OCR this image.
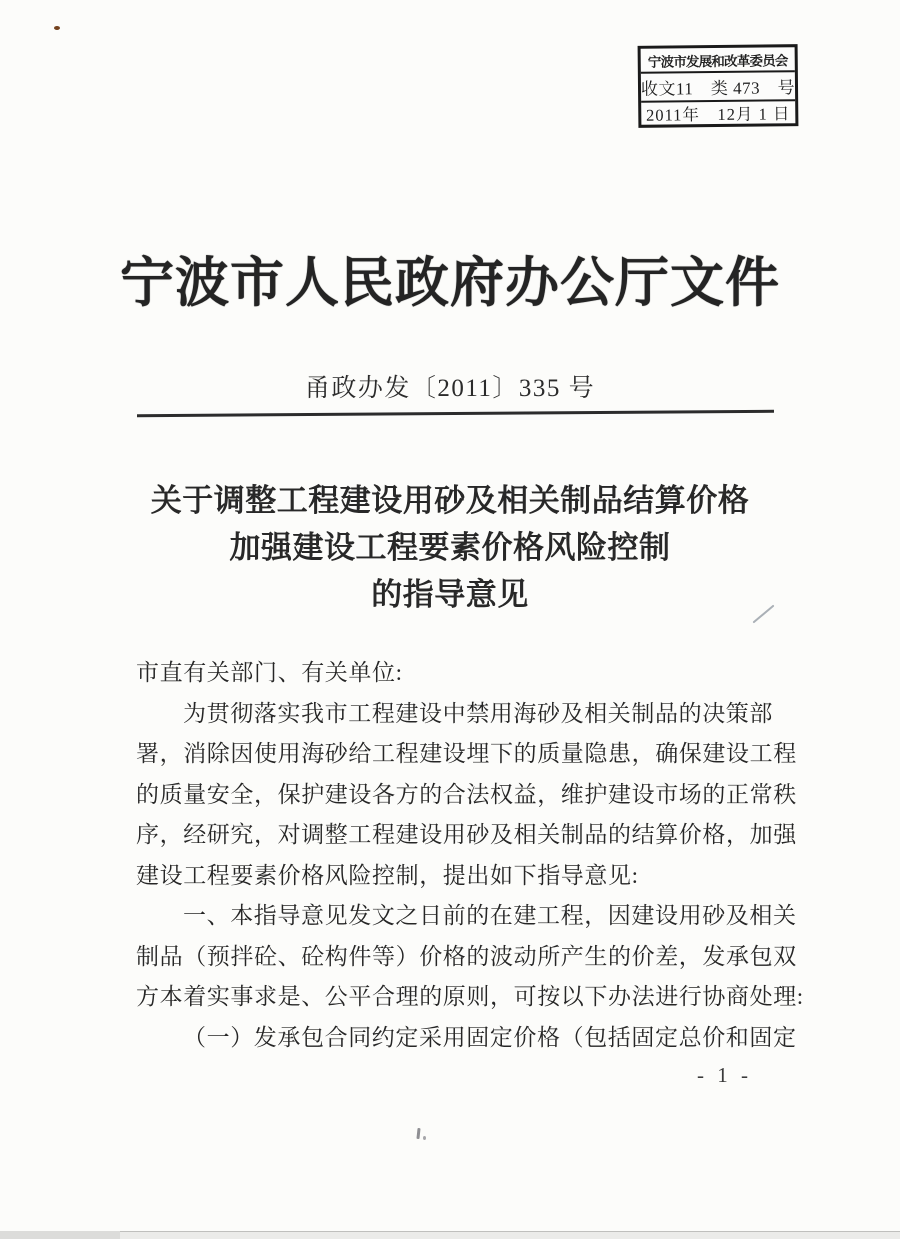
宁波市发展和改革委员会
收文11　类 473　号
2011年　12月 1 日
宁波市人民政府办公厅文件
甬政办发〔2011〕335 号
关于调整工程建设用砂及相关制品结算价格
加强建设工程要素价格风险控制
的指导意见
市直有关部门、有关单位:
为贯彻落实我市工程建设中禁用海砂及相关制品的决策部
署，消除因使用海砂给工程建设埋下的质量隐患，确保建设工程
的质量安全，保护建设各方的合法权益，维护建设市场的正常秩
序，经研究，对调整工程建设用砂及相关制品的结算价格，加强
建设工程要素价格风险控制，提出如下指导意见:
一、本指导意见发文之日前的在建工程，因建设用砂及相关
制品（预拌砼、砼构件等）价格的波动所产生的价差，发承包双
方本着实事求是、公平合理的原则，可按以下办法进行协商处理:
（一）发承包合同约定采用固定价格（包括固定总价和固定
- 1 -
